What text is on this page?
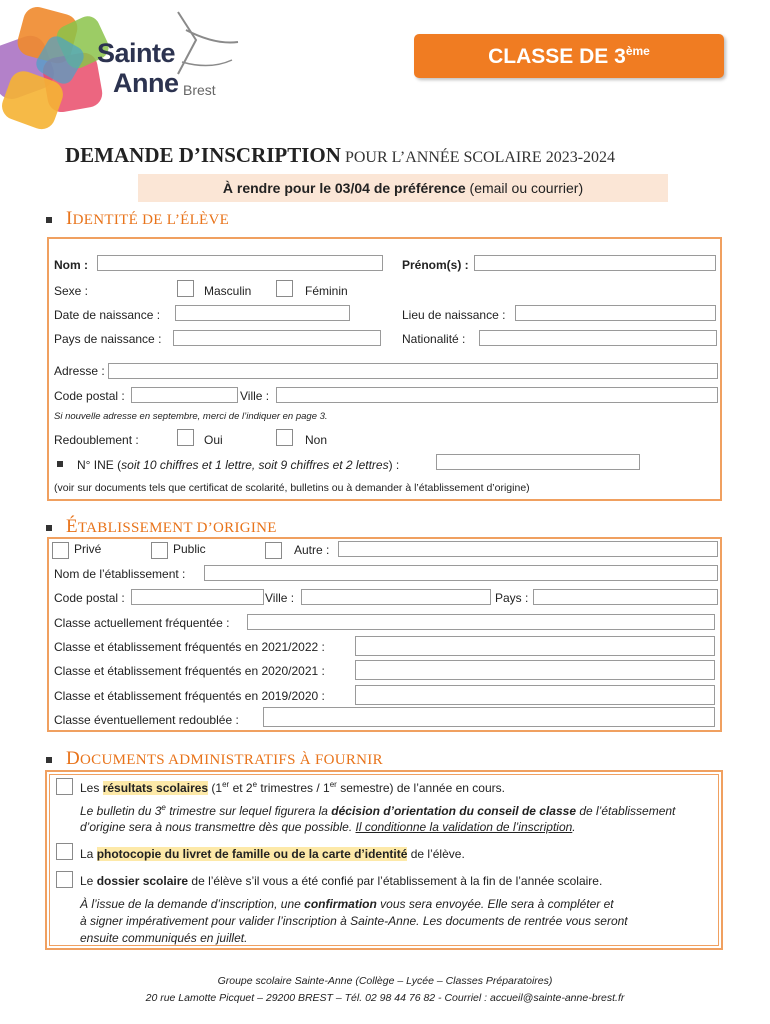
Sainte
Anne Brest
CLASSE DE 3ème
DEMANDE D’INSCRIPTION POUR L’ANNÉE SCOLAIRE 2023-2024
À rendre pour le 03/04 de préférence (email ou courrier)
IDENTITÉ DE L’ÉLÈVE
Nom :	Prénom(s) :
Sexe :	Masculin	Féminin
Date de naissance :	Lieu de naissance :
Pays de naissance :	Nationalité :
Adresse :
Code postal :	Ville :
Si nouvelle adresse en septembre, merci de l’indiquer en page 3.
Redoublement :	Oui	Non
N° INE (soit 10 chiffres et 1 lettre, soit 9 chiffres et 2 lettres) :
(voir sur documents tels que certificat de scolarité, bulletins ou à demander à l’établissement d’origine)
ÉTABLISSEMENT D’ORIGINE
Privé	Public	Autre :
Nom de l’établissement :
Code postal :	Ville :	Pays :
Classe actuellement fréquentée :
Classe et établissement fréquentés en 2021/2022 :
Classe et établissement fréquentés en 2020/2021 :
Classe et établissement fréquentés en 2019/2020 :
Classe éventuellement redoublée :
DOCUMENTS ADMINISTRATIFS À FOURNIR
Les résultats scolaires (1er et 2e trimestres / 1er semestre) de l’année en cours.
Le bulletin du 3e trimestre sur lequel figurera la décision d’orientation du conseil de classe de l’établissement
d’origine sera à nous transmettre dès que possible. Il conditionne la validation de l’inscription.
La photocopie du livret de famille ou de la carte d’identité de l’élève.
Le dossier scolaire de l’élève s’il vous a été confié par l’établissement à la fin de l’année scolaire.
À l’issue de la demande d’inscription, une confirmation vous sera envoyée. Elle sera à compléter et
à signer impérativement pour valider l’inscription à Sainte-Anne. Les documents de rentrée vous seront
ensuite communiqués en juillet.
Groupe scolaire Sainte-Anne (Collège – Lycée – Classes Préparatoires)
20 rue Lamotte Picquet – 29200 BREST – Tél. 02 98 44 76 82 - Courriel : accueil@sainte-anne-brest.fr
